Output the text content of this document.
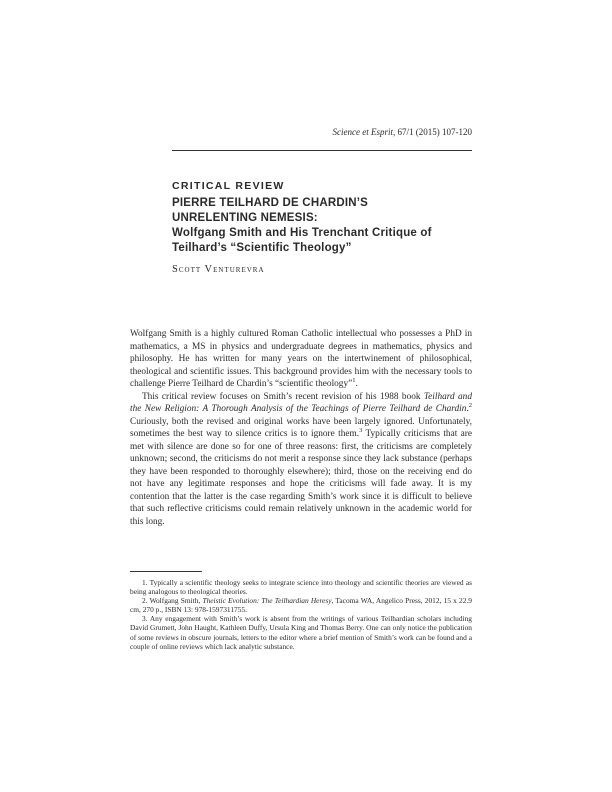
Science et Esprit, 67/1 (2015) 107-120
CRITICAL REVIEW
PIERRE TEILHARD DE CHARDIN’S
UNRELENTING NEMESIS:
Wolfgang Smith and His Trenchant Critique of
Teilhard’s “Scientific Theology”
Scott Venturevra

Wolfgang Smith is a highly cultured Roman Catholic intellectual who possesses a PhD in mathematics, a MS in physics and undergraduate degrees in mathematics, physics and philosophy. He has written for many years on the intertwinement of philosophical, theological and scientific issues. This background provides him with the necessary tools to challenge Pierre Teilhard de Chardin’s “scientific theology”$^1$.

This critical review focuses on Smith’s recent revision of his 1988 book Teilhard and the New Religion: A Thorough Analysis of the Teachings of Pierre Teilhard de Chardin.$^2$ Curiously, both the revised and original works have been largely ignored. Unfortunately, sometimes the best way to silence critics is to ignore them.$^3$ Typically criticisms that are met with silence are done so for one of three reasons: first, the criticisms are completely unknown; second, the criticisms do not merit a response since they lack substance (perhaps they have been responded to thoroughly elsewhere); third, those on the receiving end do not have any legitimate responses and hope the criticisms will fade away. It is my contention that the latter is the case regarding Smith’s work since it is difficult to believe that such reflective criticisms could remain relatively unknown in the academic world for this long.

1. Typically a scientific theology seeks to integrate science into theology and scientific theories are viewed as being analogous to theological theories.

2. Wolfgang Smith, Theistic Evolution: The Teilhardian Heresy, Tacoma WA, Angelico Press, 2012, 15 x 22.9 cm, 270 p., ISBN 13: 978-1597311755.

3. Any engagement with Smith’s work is absent from the writings of various Teilhardian scholars including David Grumett, John Haught, Kathleen Duffy, Ursula King and Thomas Berry. One can only notice the publication of some reviews in obscure journals, letters to the editor where a brief mention of Smith’s work can be found and a couple of online reviews which lack analytic substance.
